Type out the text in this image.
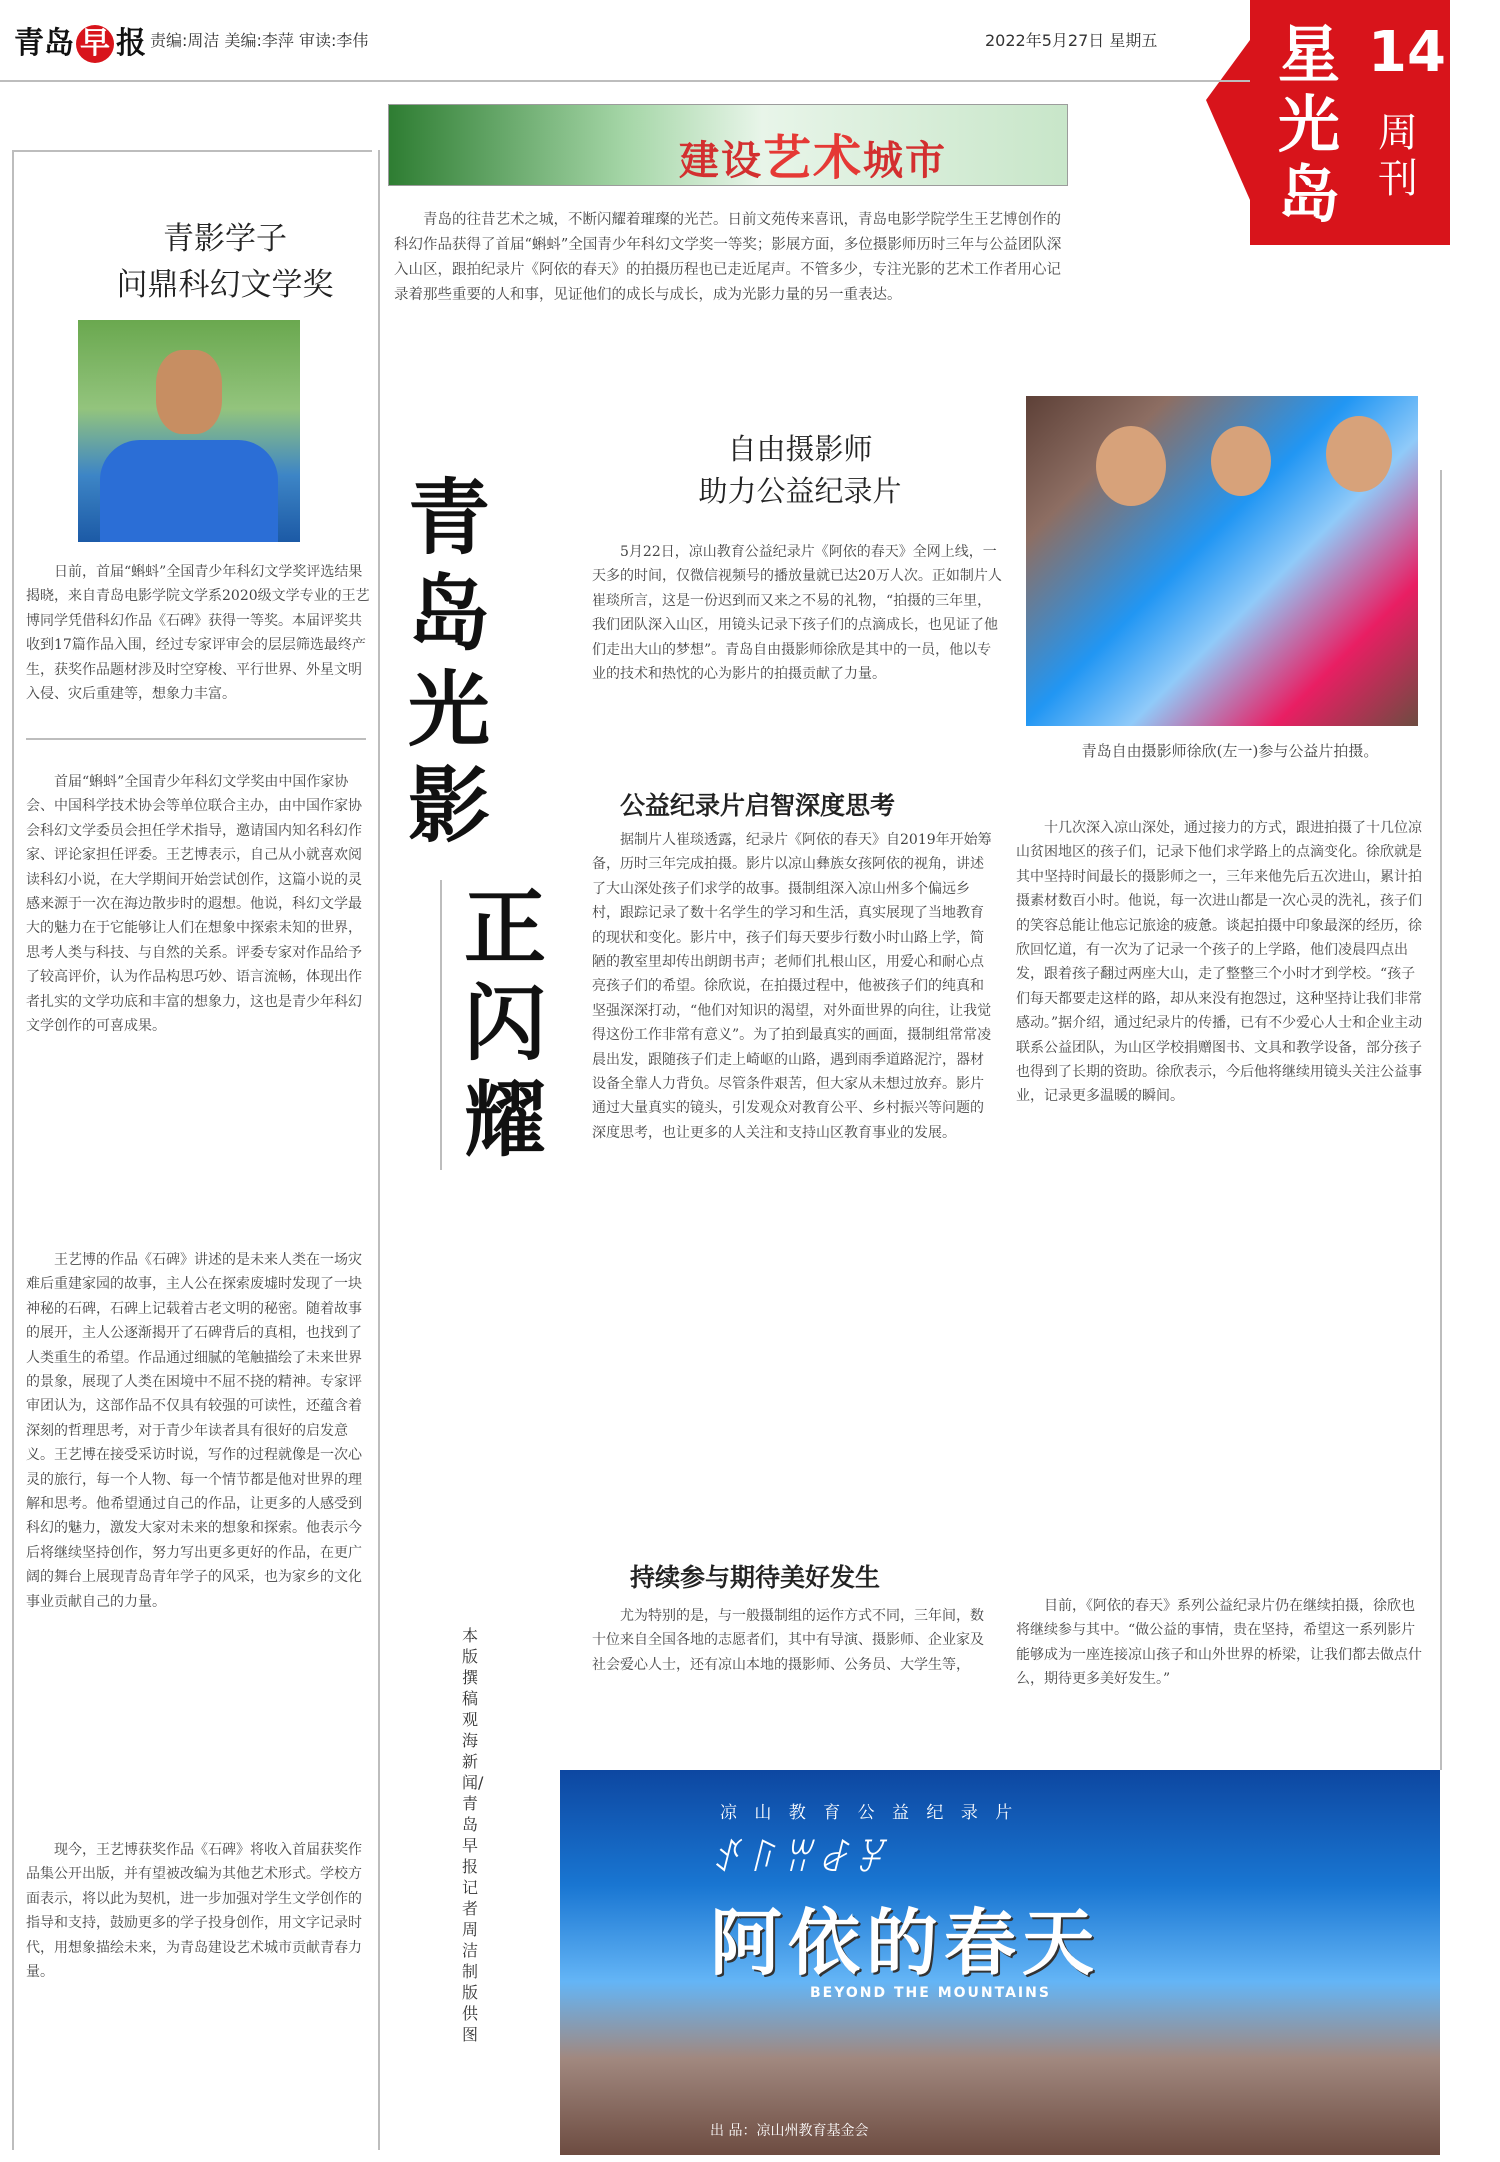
青岛 早 报 责编:周洁 美编:李萍 审读:李伟	2022年5月27日 星期五 星光岛
14
周刊
建设艺术城市
青岛的往昔艺术之城，不断闪耀着璀璨的光芒。日前文苑传来喜讯，青岛电影学院学生王艺博创作的科幻作品获得了首届“蝌蚪”全国青少年科幻文学奖一等奖；影展方面，多位摄影师历时三年与公益团队深入山区，跟拍纪录片《阿依的春天》的拍摄历程也已走近尾声。不管多少，专注光影的艺术工作者用心记录着那些重要的人和事，见证他们的成长与成长，成为光影力量的另一重表达。
青影学子
问鼎科幻文学奖
日前，首届“蝌蚪”全国青少年科幻文学奖评选结果揭晓，来自青岛电影学院文学系2020级文学专业的王艺博同学凭借科幻作品《石碑》获得一等奖。本届评奖共收到17篇作品入围，经过专家评审会的层层筛选最终产生，获奖作品题材涉及时空穿梭、平行世界、外星文明入侵、灾后重建等，想象力丰富。
首届“蝌蚪”全国青少年科幻文学奖由中国作家协会、中国科学技术协会等单位联合主办，由中国作家协会科幻文学委员会担任学术指导，邀请国内知名科幻作家、评论家担任评委。王艺博表示，自己从小就喜欢阅读科幻小说，在大学期间开始尝试创作，这篇小说的灵感来源于一次在海边散步时的遐想。他说，科幻文学最大的魅力在于它能够让人们在想象中探索未知的世界，思考人类与科技、与自然的关系。评委专家对作品给予了较高评价，认为作品构思巧妙、语言流畅，体现出作者扎实的文学功底和丰富的想象力，这也是青少年科幻文学创作的可喜成果。
王艺博的作品《石碑》讲述的是未来人类在一场灾难后重建家园的故事，主人公在探索废墟时发现了一块神秘的石碑，石碑上记载着古老文明的秘密。随着故事的展开，主人公逐渐揭开了石碑背后的真相，也找到了人类重生的希望。作品通过细腻的笔触描绘了未来世界的景象，展现了人类在困境中不屈不挠的精神。专家评审团认为，这部作品不仅具有较强的可读性，还蕴含着深刻的哲理思考，对于青少年读者具有很好的启发意义。王艺博在接受采访时说，写作的过程就像是一次心灵的旅行，每一个人物、每一个情节都是他对世界的理解和思考。他希望通过自己的作品，让更多的人感受到科幻的魅力，激发大家对未来的想象和探索。他表示今后将继续坚持创作，努力写出更多更好的作品，在更广阔的舞台上展现青岛青年学子的风采，也为家乡的文化事业贡献自己的力量。
现今，王艺博获奖作品《石碑》将收入首届获奖作品集公开出版，并有望被改编为其他艺术形式。学校方面表示，将以此为契机，进一步加强对学生文学创作的指导和支持，鼓励更多的学子投身创作，用文字记录时代，用想象描绘未来，为青岛建设艺术城市贡献青春力量。
青岛光影
正闪耀
自由摄影师
助力公益纪录片
5月22日，凉山教育公益纪录片《阿依的春天》全网上线，一天多的时间，仅微信视频号的播放量就已达20万人次。正如制片人崔琰所言，这是一份迟到而又来之不易的礼物，“拍摄的三年里，我们团队深入山区，用镜头记录下孩子们的点滴成长，也见证了他们走出大山的梦想”。青岛自由摄影师徐欣是其中的一员，他以专业的技术和热忱的心为影片的拍摄贡献了力量。
青岛自由摄影师徐欣(左一)参与公益片拍摄。
公益纪录片启智深度思考
据制片人崔琰透露，纪录片《阿依的春天》自2019年开始筹备，历时三年完成拍摄。影片以凉山彝族女孩阿依的视角，讲述了大山深处孩子们求学的故事。摄制组深入凉山州多个偏远乡村，跟踪记录了数十名学生的学习和生活，真实展现了当地教育的现状和变化。影片中，孩子们每天要步行数小时山路上学，简陋的教室里却传出朗朗书声；老师们扎根山区，用爱心和耐心点亮孩子们的希望。徐欣说，在拍摄过程中，他被孩子们的纯真和坚强深深打动，“他们对知识的渴望，对外面世界的向往，让我觉得这份工作非常有意义”。为了拍到最真实的画面，摄制组常常凌晨出发，跟随孩子们走上崎岖的山路，遇到雨季道路泥泞，器材设备全靠人力背负。尽管条件艰苦，但大家从未想过放弃。影片通过大量真实的镜头，引发观众对教育公平、乡村振兴等问题的深度思考，也让更多的人关注和支持山区教育事业的发展。
持续参与期待美好发生
尤为特别的是，与一般摄制组的运作方式不同，三年间，数十位来自全国各地的志愿者们，其中有导演、摄影师、企业家及社会爱心人士，还有凉山本地的摄影师、公务员、大学生等，
十几次深入凉山深处，通过接力的方式，跟进拍摄了十几位凉山贫困地区的孩子们，记录下他们求学路上的点滴变化。徐欣就是其中坚持时间最长的摄影师之一，三年来他先后五次进山，累计拍摄素材数百小时。他说，每一次进山都是一次心灵的洗礼，孩子们的笑容总能让他忘记旅途的疲惫。谈起拍摄中印象最深的经历，徐欣回忆道，有一次为了记录一个孩子的上学路，他们凌晨四点出发，跟着孩子翻过两座大山，走了整整三个小时才到学校。“孩子们每天都要走这样的路，却从来没有抱怨过，这种坚持让我们非常感动。”据介绍，通过纪录片的传播，已有不少爱心人士和企业主动联系公益团队，为山区学校捐赠图书、文具和教学设备，部分孩子也得到了长期的资助。徐欣表示，今后他将继续用镜头关注公益事业，记录更多温暖的瞬间。
目前，《阿依的春天》系列公益纪录片仍在继续拍摄，徐欣也将继续参与其中。“做公益的事情，贵在坚持，希望这一系列影片能够成为一座连接凉山孩子和山外世界的桥梁，让我们都去做点什么，期待更多美好发生。”
本版撰稿 观海新闻/青岛早报记者 周洁 制版供图
凉 山 教 育 公 益 纪 录 片
ꀋꑍꀕꆀꐯ
阿依的春天
BEYOND THE MOUNTAINS
出 品：凉山州教育基金会
